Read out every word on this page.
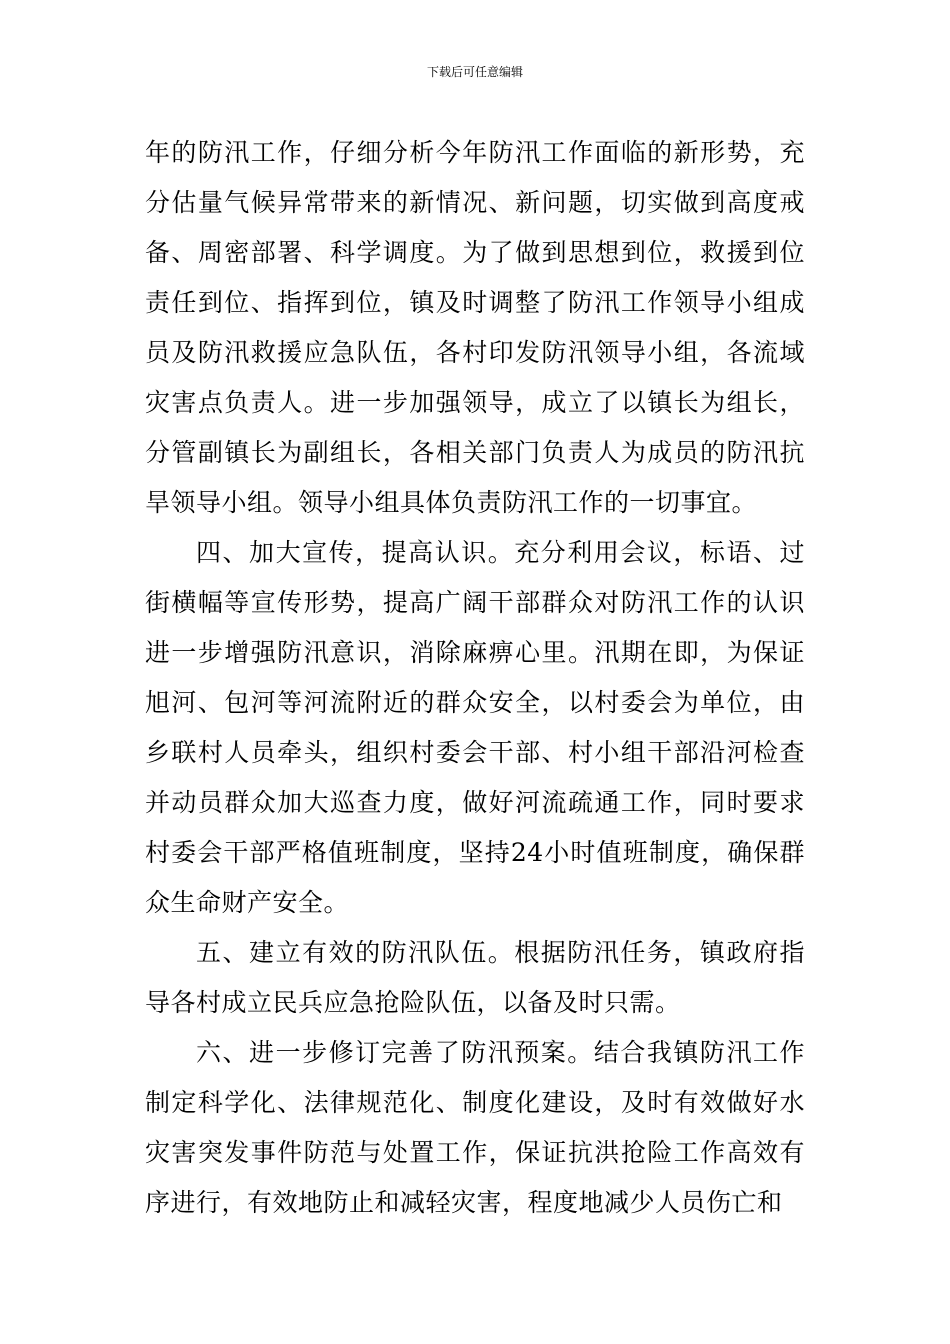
下载后可任意编辑

年的防汛工作，仔细分析今年防汛工作面临的新形势，充分估量气候异常带来的新情况、新问题，切实做到高度戒备、周密部署、科学调度。为了做到思想到位，救援到位责任到位、指挥到位，镇及时调整了防汛工作领导小组成员及防汛救援应急队伍，各村印发防汛领导小组，各流域灾害点负责人。进一步加强领导，成立了以镇长为组长，分管副镇长为副组长，各相关部门负责人为成员的防汛抗旱领导小组。领导小组具体负责防汛工作的一切事宜。

四、加大宣传，提高认识。充分利用会议，标语、过街横幅等宣传形势，提高广阔干部群众对防汛工作的认识进一步增强防汛意识，消除麻痹心里。汛期在即，为保证旭河、包河等河流附近的群众安全，以村委会为单位，由乡联村人员牵头，组织村委会干部、村小组干部沿河检查并动员群众加大巡查力度，做好河流疏通工作，同时要求村委会干部严格值班制度，坚持24小时值班制度，确保群众生命财产安全。

五、建立有效的防汛队伍。根据防汛任务，镇政府指导各村成立民兵应急抢险队伍，以备及时只需。

六、进一步修订完善了防汛预案。结合我镇防汛工作制定科学化、法律规范化、制度化建设，及时有效做好水灾害突发事件防范与处置工作，保证抗洪抢险工作高效有序进行，有效地防止和减轻灾害，程度地减少人员伤亡和
